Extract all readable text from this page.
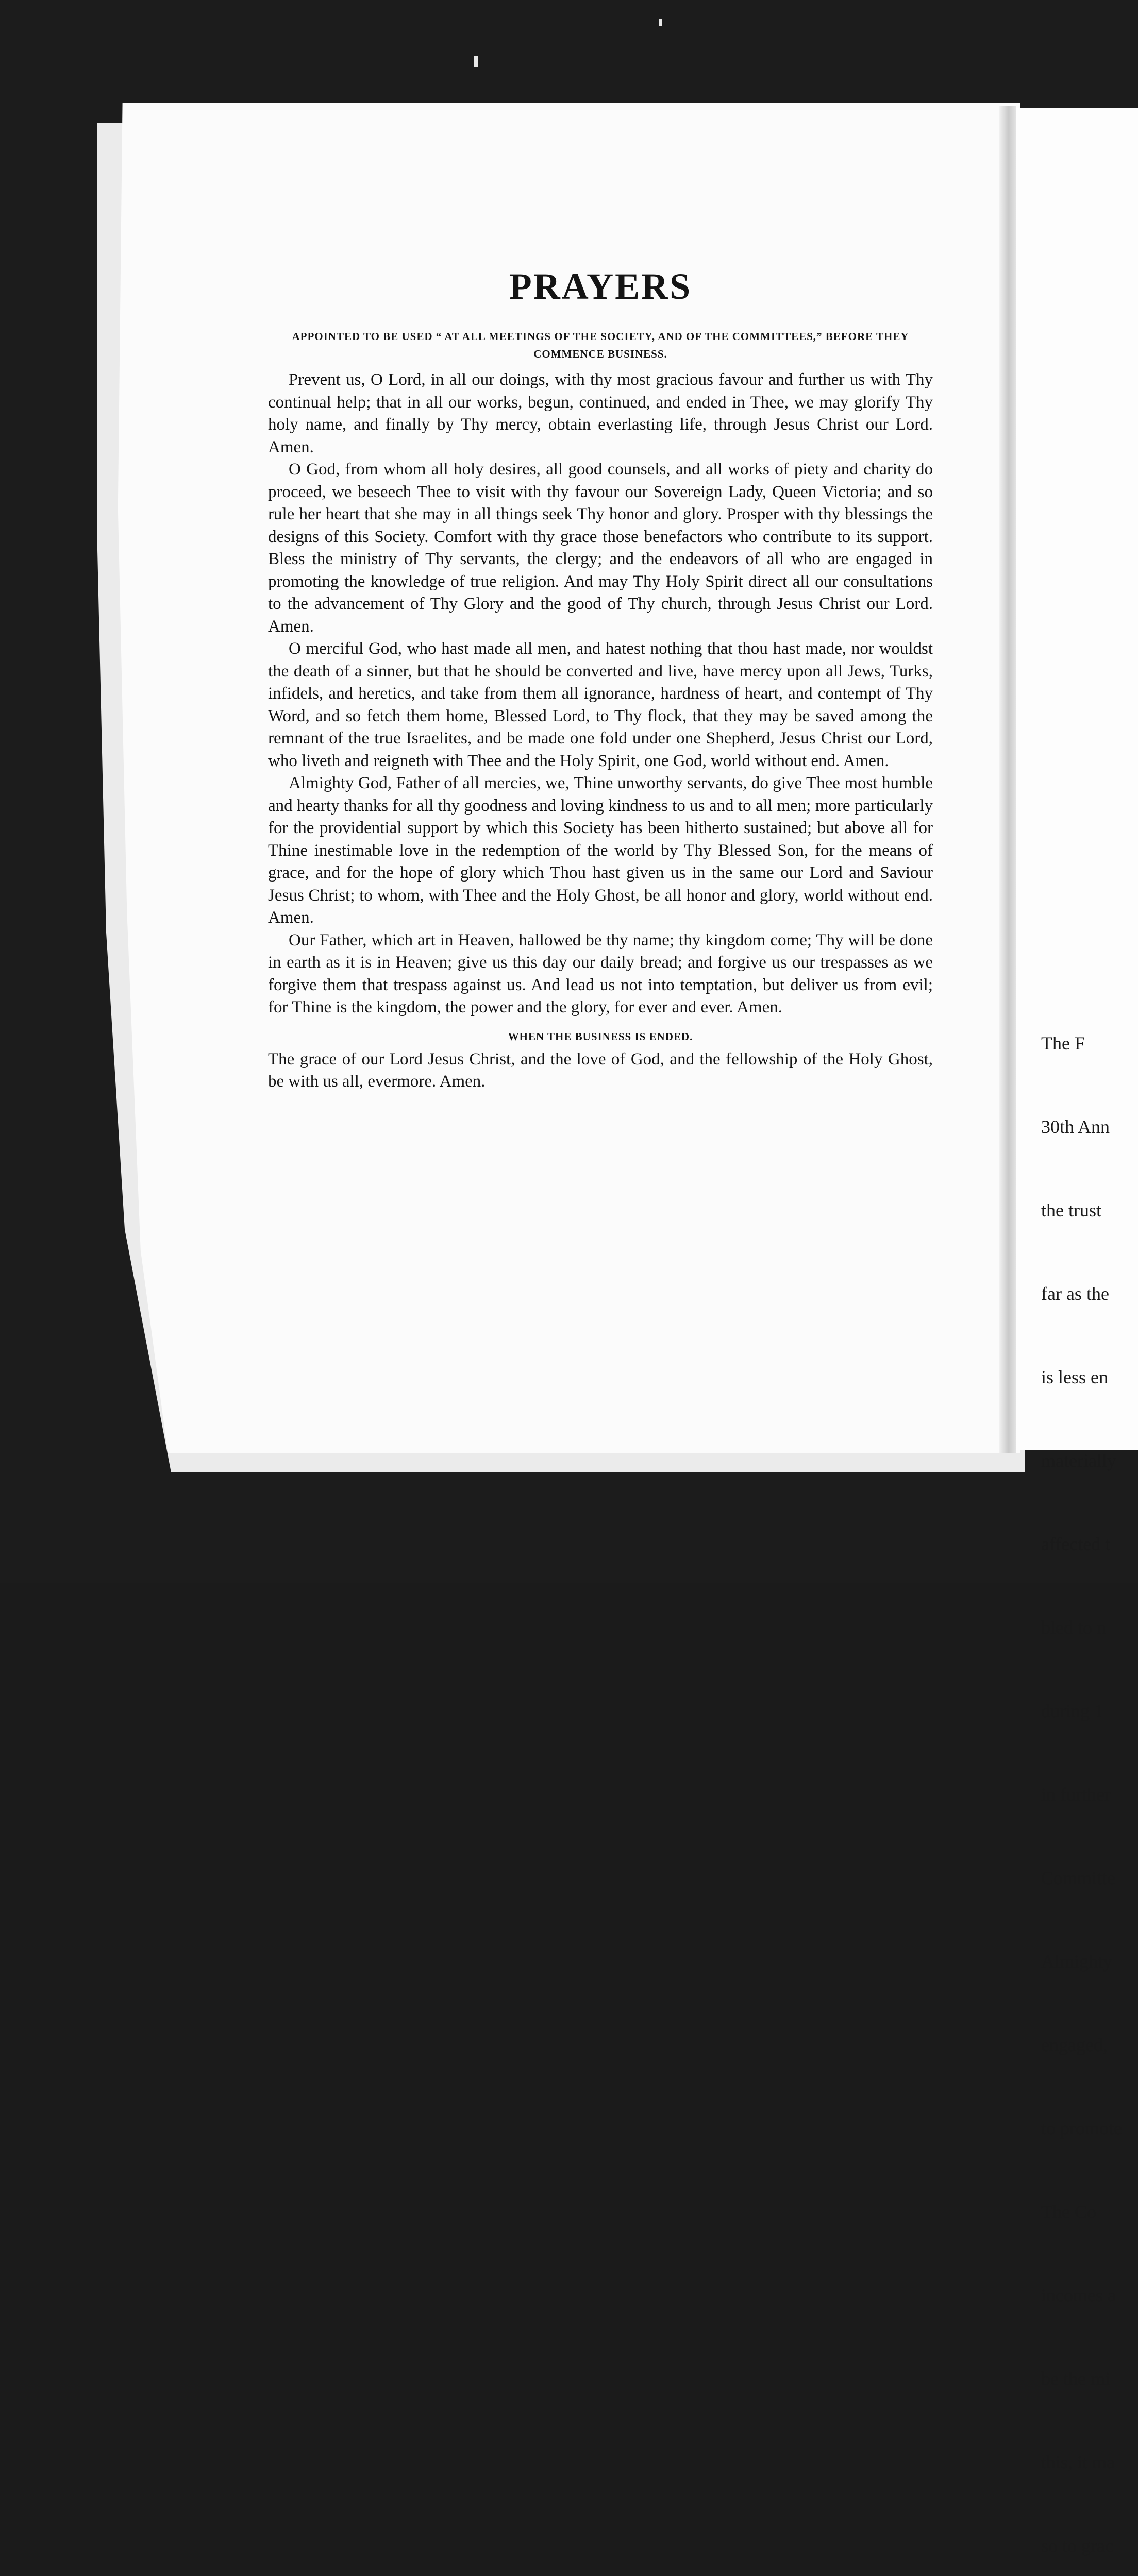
PRAYERS

APPOINTED TO BE USED “ AT ALL MEETINGS OF THE SOCIETY, AND OF THE COMMITTEES,” BEFORE THEY COMMENCE BUSINESS.

Prevent us, O Lord, in all our doings, with thy most gracious favour and further us with Thy continual help; that in all our works, begun, continued, and ended in Thee, we may glorify Thy holy name, and finally by Thy mercy, obtain everlasting life, through Jesus Christ our Lord. Amen.

O God, from whom all holy desires, all good counsels, and all works of piety and charity do proceed, we beseech Thee to visit with thy favour our Sovereign Lady, Queen Victoria; and so rule her heart that she may in all things seek Thy honor and glory. Prosper with thy blessings the designs of this Society. Comfort with thy grace those benefactors who contribute to its support. Bless the ministry of Thy servants, the clergy; and the endeavors of all who are engaged in promoting the knowledge of true religion. And may Thy Holy Spirit direct all our consultations to the advancement of Thy Glory and the good of Thy church, through Jesus Christ our Lord. Amen.

O merciful God, who hast made all men, and hatest nothing that thou hast made, nor wouldst the death of a sinner, but that he should be converted and live, have mercy upon all Jews, Turks, infidels, and heretics, and take from them all ignorance, hardness of heart, and contempt of Thy Word, and so fetch them home, Blessed Lord, to Thy flock, that they may be saved among the remnant of the true Israelites, and be made one fold under one Shepherd, Jesus Christ our Lord, who liveth and reigneth with Thee and the Holy Spirit, one God, world without end. Amen.

Almighty God, Father of all mercies, we, Thine unworthy servants, do give Thee most humble and hearty thanks for all thy goodness and loving kindness to us and to all men; more particularly for the providential support by which this Society has been hitherto sustained; but above all for Thine inestimable love in the redemption of the world by Thy Blessed Son, for the means of grace, and for the hope of glory which Thou hast given us in the same our Lord and Saviour Jesus Christ; to whom, with Thee and the Holy Ghost, be all honor and glory, world without end. Amen.

Our Father, which art in Heaven, hallowed be thy name; thy kingdom come; Thy will be done in earth as it is in Heaven; give us this day our daily bread; and forgive us our trespasses as we forgive them that trespass against us. And lead us not into temptation, but deliver us from evil; for Thine is the kingdom, the power and the glory, for ever and ever. Amen.

WHEN THE BUSINESS IS ENDED.

The grace of our Lord Jesus Christ, and the love of God, and the fellowship of the Holy Ghost, be with us all, evermore. Amen.

The F

30th Ann

the trust

far as the

is less en

materially

affected t

bled to n

during 1

in further

Committe

Almighty

engaged,

to promote

The Co

incomes a

be the mi

this, it ma

so to grac
